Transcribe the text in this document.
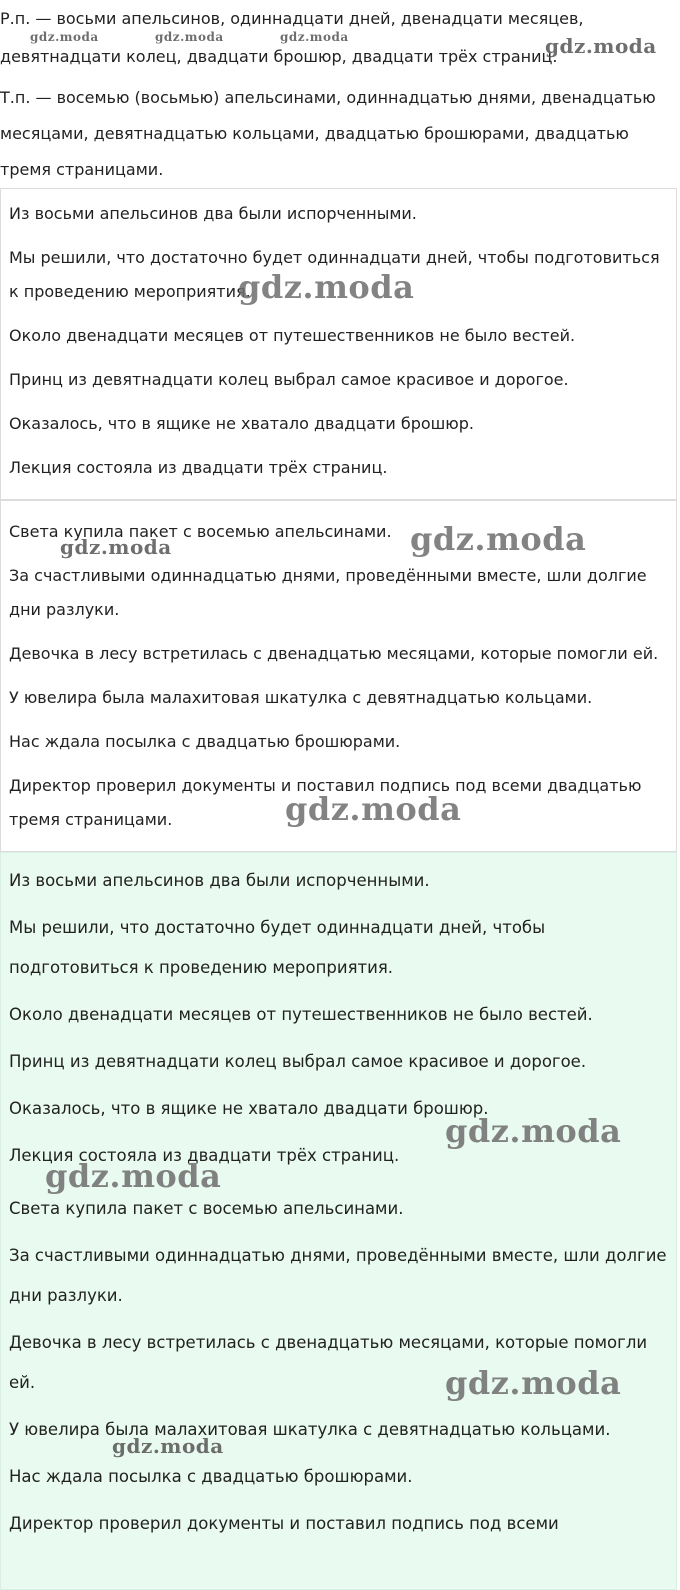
Р.п. — восьми апельсинов, одиннадцати дней, двенадцати месяцев, девятнадцати колец, двадцати брошюр, двадцати трёх страниц.

Т.п. — восемью (восьмью) апельсинами, одиннадцатью днями, двенадцатью месяцами, девятнадцатью кольцами, двадцатью брошюрами, двадцатью тремя страницами.

Из восьми апельсинов два были испорченными.

Мы решили, что достаточно будет одиннадцати дней, чтобы подготовиться к проведению мероприятия.

Около двенадцати месяцев от путешественников не было вестей.

Принц из девятнадцати колец выбрал самое красивое и дорогое.

Оказалось, что в ящике не хватало двадцати брошюр.

Лекция состояла из двадцати трёх страниц.

Света купила пакет с восемью апельсинами.

За счастливыми одиннадцатью днями, проведёнными вместе, шли долгие дни разлуки.

Девочка в лесу встретилась с двенадцатью месяцами, которые помогли ей.

У ювелира была малахитовая шкатулка с девятнадцатью кольцами.

Нас ждала посылка с двадцатью брошюрами.

Директор проверил документы и поставил подпись под всеми двадцатью тремя страницами.

Из восьми апельсинов два были испорченными.

Мы решили, что достаточно будет одиннадцати дней, чтобы подготовиться к проведению мероприятия.

Около двенадцати месяцев от путешественников не было вестей.

Принц из девятнадцати колец выбрал самое красивое и дорогое.

Оказалось, что в ящике не хватало двадцати брошюр.

Лекция состояла из двадцати трёх страниц.

Света купила пакет с восемью апельсинами.

За счастливыми одиннадцатью днями, проведёнными вместе, шли долгие дни разлуки.

Девочка в лесу встретилась с двенадцатью месяцами, которые помогли ей.

У ювелира была малахитовая шкатулка с девятнадцатью кольцами.

Нас ждала посылка с двадцатью брошюрами.

Директор проверил документы и поставил подпись под всеми

gdz.moda	gdz.moda	gdz.moda	gdz.moda
gdz.moda
gdz.moda	gdz.moda
gdz.moda
gdz.moda
gdz.moda
gdz.moda
gdz.moda
